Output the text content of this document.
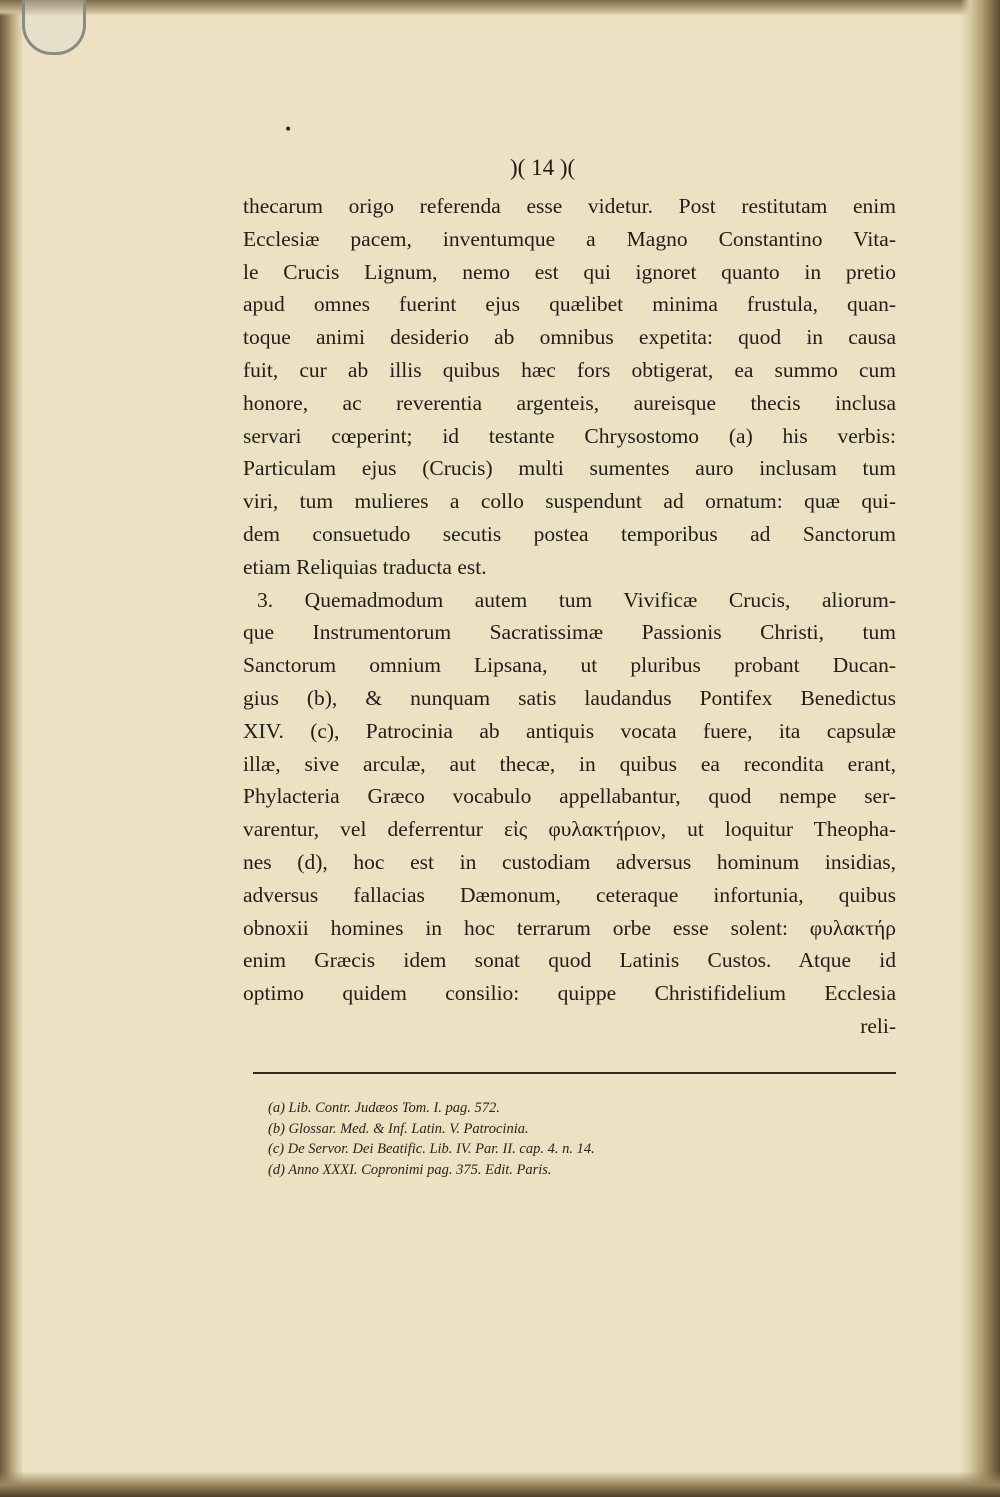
•
)( 14 )(
thecarum origo referenda esse videtur. Post restitutam enim
Ecclesiæ pacem, inventumque a Magno Constantino Vita-
le Crucis Lignum, nemo est qui ignoret quanto in pretio
apud omnes fuerint ejus quælibet minima frustula, quan-
toque animi desiderio ab omnibus expetita: quod in causa
fuit, cur ab illis quibus hæc fors obtigerat, ea summo cum
honore, ac reverentia argenteis, aureisque thecis inclusa
servari cœperint; id testante Chrysostomo (a) his verbis:
Particulam ejus (Crucis) multi sumentes auro inclusam tum
viri, tum mulieres a collo suspendunt ad ornatum: quæ qui-
dem consuetudo secutis postea temporibus ad Sanctorum
etiam Reliquias traducta est.
3. Quemadmodum autem tum Vivificæ Crucis, aliorum-
que Instrumentorum Sacratissimæ Passionis Christi, tum
Sanctorum omnium Lipsana, ut pluribus probant Ducan-
gius (b), & nunquam satis laudandus Pontifex Benedictus
XIV. (c), Patrocinia ab antiquis vocata fuere, ita capsulæ
illæ, sive arculæ, aut thecæ, in quibus ea recondita erant,
Phylacteria Græco vocabulo appellabantur, quod nempe ser-
varentur, vel deferrentur εἰς φυλακτήριον, ut loquitur Theopha-
nes (d), hoc est in custodiam adversus hominum insidias,
adversus fallacias Dæmonum, ceteraque infortunia, quibus
obnoxii homines in hoc terrarum orbe esse solent: φυλακτήρ
enim Græcis idem sonat quod Latinis Custos. Atque id
optimo quidem consilio: quippe Christifidelium Ecclesia
reli-
(a) Lib. Contr. Judæos Tom. I. pag. 572.
(b) Glossar. Med. & Inf. Latin. V. Patrocinia.
(c) De Servor. Dei Beatific. Lib. IV. Par. II. cap. 4. n. 14.
(d) Anno XXXI. Copronimi pag. 375. Edit. Paris.
